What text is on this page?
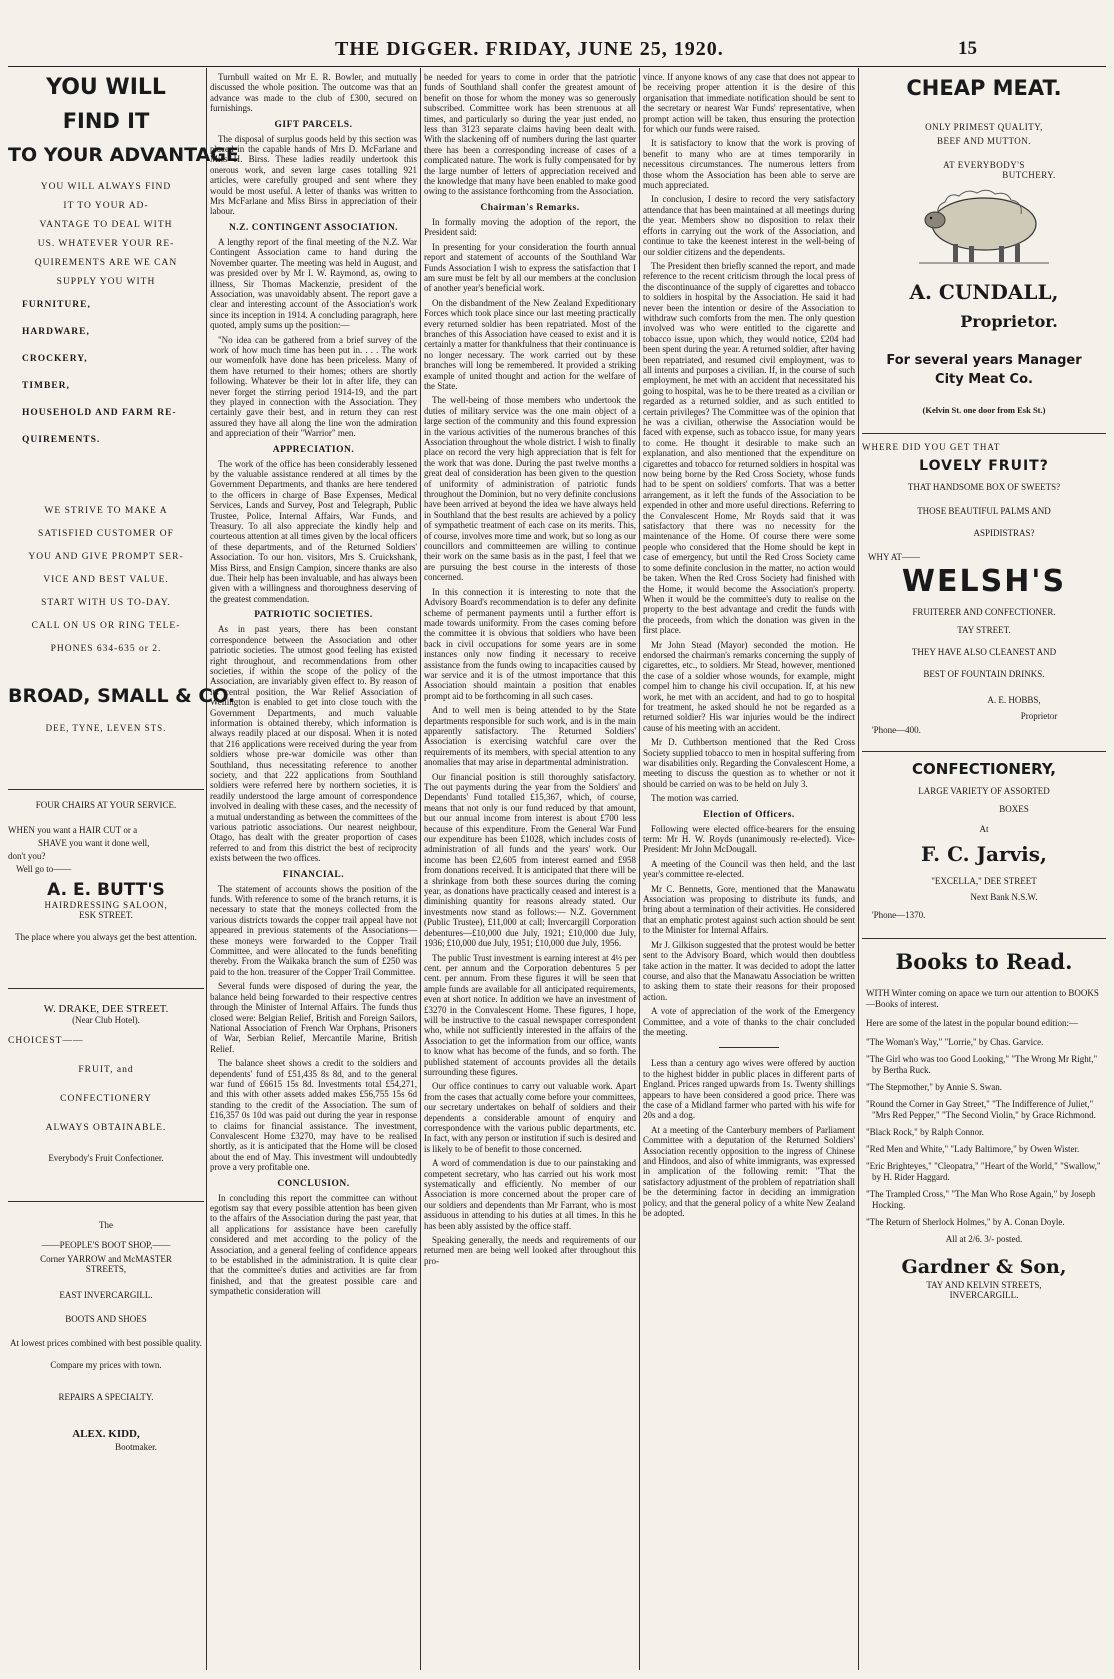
THE DIGGER. FRIDAY, JUNE 25, 1920.	15
YOU WILL
FIND IT
TO YOUR ADVANTAGE
YOU WILL ALWAYS FIND
IT TO YOUR AD-
VANTAGE TO DEAL WITH
US. WHATEVER YOUR RE-
QUIREMENTS ARE WE CAN
SUPPLY YOU WITH
FURNITURE,
HARDWARE,
CROCKERY,
TIMBER,
HOUSEHOLD AND FARM RE-
QUIREMENTS.
WE STRIVE TO MAKE A
SATISFIED CUSTOMER OF
YOU AND GIVE PROMPT SER-
VICE AND BEST VALUE.
START WITH US TO-DAY.
CALL ON US OR RING TELE-
PHONES 634-635 or 2.
BROAD, SMALL & CO.
DEE, TYNE, LEVEN STS.
FOUR CHAIRS AT YOUR SERVICE.
WHEN you want a HAIR CUT or a
SHAVE you want it done well,
don't you?
Well go to——
A. E. BUTT'S
HAIRDRESSING SALOON,
ESK STREET.
The place where you always get the best attention.
W. DRAKE, DEE STREET.
(Near Club Hotel).
CHOICEST——
FRUIT, and
CONFECTIONERY
ALWAYS OBTAINABLE.
Everybody's Fruit Confectioner.
The
——PEOPLE'S BOOT SHOP,——
Corner YARROW and McMASTER
STREETS,
EAST INVERCARGILL.
BOOTS AND SHOES
At lowest prices combined with best possible quality.
Compare my prices with town.
REPAIRS A SPECIALTY.
ALEX. KIDD,
Bootmaker.

Turnbull waited on Mr E. R. Bowler, and mutually discussed the whole position. The outcome was that an advance was made to the club of £300, secured on furnishings.

GIFT PARCELS.

The disposal of surplus goods held by this section was placed in the capable hands of Mrs D. McFarlane and Miss H. Birss. These ladies readily undertook this onerous work, and seven large cases totalling 921 articles, were carefully grouped and sent where they would be most useful. A letter of thanks was written to Mrs McFarlane and Miss Birss in appreciation of their labour.

N.Z. CONTINGENT ASSOCIATION.

A lengthy report of the final meeting of the N.Z. War Contingent Association came to hand during the November quarter. The meeting was held in August, and was presided over by Mr I. W. Raymond, as, owing to illness, Sir Thomas Mackenzie, president of the Association, was unavoidably absent. The report gave a clear and interesting account of the Association's work since its inception in 1914. A concluding paragraph, here quoted, amply sums up the position:—

"No idea can be gathered from a brief survey of the work of how much time has been put in. . . . The work our womenfolk have done has been priceless. Many of them have returned to their homes; others are shortly following. Whatever be their lot in after life, they can never forget the stirring period 1914-19, and the part they played in connection with the Association. They certainly gave their best, and in return they can rest assured they have all along the line won the admiration and appreciation of their "Warrior" men.

APPRECIATION.

The work of the office has been considerably lessened by the valuable assistance rendered at all times by the Government Departments, and thanks are here tendered to the officers in charge of Base Expenses, Medical Services, Lands and Survey, Post and Telegraph, Public Trustee, Police, Internal Affairs, War Funds, and Treasury. To all also appreciate the kindly help and courteous attention at all times given by the local officers of these departments, and of the Returned Soldiers' Association. To our hon. visitors, Mrs S. Cruickshank, Miss Birss, and Ensign Campion, sincere thanks are also due. Their help has been invaluable, and has always been given with a willingness and thoroughness deserving of the greatest commendation.

PATRIOTIC SOCIETIES.

As in past years, there has been constant correspondence between the Association and other patriotic societies. The utmost good feeling has existed right throughout, and recommendations from other societies, if within the scope of the policy of the Association, are invariably given effect to. By reason of its central position, the War Relief Association of Wellington is enabled to get into close touch with the Government Departments, and much valuable information is obtained thereby, which information is always readily placed at our disposal. When it is noted that 216 applications were received during the year from soldiers whose pre-war domicile was other than Southland, thus necessitating reference to another society, and that 222 applications from Southland soldiers were referred here by northern societies, it is readily understood the large amount of correspondence involved in dealing with these cases, and the necessity of a mutual understanding as between the committees of the various patriotic associations. Our nearest neighbour, Otago, has dealt with the greater proportion of cases referred to and from this district the best of reciprocity exists between the two offices.

FINANCIAL.

The statement of accounts shows the position of the funds. With reference to some of the branch returns, it is necessary to state that the moneys collected from the various districts towards the copper trail appeal have not appeared in previous statements of the Associations—these moneys were forwarded to the Copper Trail Committee, and were allocated to the funds benefiting thereby. From the Waikaka branch the sum of £250 was paid to the hon. treasurer of the Copper Trail Committee.

Several funds were disposed of during the year, the balance held being forwarded to their respective centres through the Minister of Internal Affairs. The funds thus closed were: Belgian Relief, British and Foreign Sailors, National Association of French War Orphans, Prisoners of War, Serbian Relief, Mercantile Marine, British Relief.

The balance sheet shows a credit to the soldiers and dependents' fund of £51,435 8s 8d, and to the general war fund of £6615 15s 8d. Investments total £54,271, and this with other assets added makes £56,755 15s 6d standing to the credit of the Association. The sum of £16,357 0s 10d was paid out during the year in response to claims for financial assistance. The investment, Convalescent Home £3270, may have to be realised shortly, as it is anticipated that the Home will be closed about the end of May. This investment will undoubtedly prove a very profitable one.

CONCLUSION.

In concluding this report the committee can without egotism say that every possible attention has been given to the affairs of the Association during the past year, that all applications for assistance have been carefully considered and met according to the policy of the Association, and a general feeling of confidence appears to be established in the administration. It is quite clear that the committee's duties and activities are far from finished, and that the greatest possible care and sympathetic consideration will

be needed for years to come in order that the patriotic funds of Southland shall confer the greatest amount of benefit on those for whom the money was so generously subscribed. Committee work has been strenuous at all times, and particularly so during the year just ended, no less than 3123 separate claims having been dealt with. With the slackening off of numbers during the last quarter there has been a corresponding increase of cases of a complicated nature. The work is fully compensated for by the large number of letters of appreciation received and the knowledge that many have been enabled to make good owing to the assistance forthcoming from the Association.

Chairman's Remarks.

In formally moving the adoption of the report, the President said:

In presenting for your consideration the fourth annual report and statement of accounts of the Southland War Funds Association I wish to express the satisfaction that I am sure must be felt by all our members at the conclusion of another year's beneficial work.

On the disbandment of the New Zealand Expeditionary Forces which took place since our last meeting practically every returned soldier has been repatriated. Most of the branches of this Association have ceased to exist and it is certainly a matter for thankfulness that their continuance is no longer necessary. The work carried out by these branches will long be remembered. It provided a striking example of united thought and action for the welfare of the State.

The well-being of those members who undertook the duties of military service was the one main object of a large section of the community and this found expression in the various activities of the numerous branches of this Association throughout the whole district. I wish to finally place on record the very high appreciation that is felt for the work that was done. During the past twelve months a great deal of consideration has been given to the question of uniformity of administration of patriotic funds throughout the Dominion, but no very definite conclusions have been arrived at beyond the idea we have always held in Southland that the best results are achieved by a policy of sympathetic treatment of each case on its merits. This, of course, involves more time and work, but so long as our councillors and committeemen are willing to continue their work on the same basis as in the past, I feel that we are pursuing the best course in the interests of those concerned.

In this connection it is interesting to note that the Advisory Board's recommendation is to defer any definite scheme of permanent payments until a further effort is made towards uniformity. From the cases coming before the committee it is obvious that soldiers who have been back in civil occupations for some years are in some instances only now finding it necessary to receive assistance from the funds owing to incapacities caused by war service and it is of the utmost importance that this Association should maintain a position that enables prompt aid to be forthcoming in all such cases.

And to well men is being attended to by the State departments responsible for such work, and is in the main apparently satisfactory. The Returned Soldiers' Association is exercising watchful care over the requirements of its members, with special attention to any anomalies that may arise in departmental administration.

Our financial position is still thoroughly satisfactory. The out payments during the year from the Soldiers' and Dependants' Fund totalled £15,367, which, of course, means that not only is our fund reduced by that amount, but our annual income from interest is about £700 less because of this expenditure. From the General War Fund our expenditure has been £1028, which includes costs of administration of all funds and the years' work. Our income has been £2,605 from interest earned and £958 from donations received. It is anticipated that there will be a shrinkage from both these sources during the coming year, as donations have practically ceased and interest is a diminishing quantity for reasons already stated. Our investments now stand as follows:— N.Z. Government (Public Trustee), £11,000 at call; Invercargill Corporation debentures—£10,000 due July, 1921; £10,000 due July, 1936; £10,000 due July, 1951; £10,000 due July, 1956.

The public Trust investment is earning interest at 4½ per cent. per annum and the Corporation debentures 5 per cent. per annum. From these figures it will be seen that ample funds are available for all anticipated requirements, even at short notice. In addition we have an investment of £3270 in the Convalescent Home. These figures, I hope, will be instructive to the casual newspaper correspondent who, while not sufficiently interested in the affairs of the Association to get the information from our office, wants to know what has become of the funds, and so forth. The published statement of accounts provides all the details surrounding these figures.

Our office continues to carry out valuable work. Apart from the cases that actually come before your committees, our secretary undertakes on behalf of soldiers and their dependents a considerable amount of enquiry and correspondence with the various public departments, etc. In fact, with any person or institution if such is desired and is likely to be of benefit to those concerned.

A word of commendation is due to our painstaking and competent secretary, who has carried out his work most systematically and efficiently. No member of our Association is more concerned about the proper care of our soldiers and dependents than Mr Farrant, who is most assiduous in attending to his duties at all times. In this he has been ably assisted by the office staff.

Speaking generally, the needs and requirements of our returned men are being well looked after throughout this pro-

vince. If anyone knows of any case that does not appear to be receiving proper attention it is the desire of this organisation that immediate notification should be sent to the secretary or nearest War Funds' representative, when prompt action will be taken, thus ensuring the protection for which our funds were raised.

It is satisfactory to know that the work is proving of benefit to many who are at times temporarily in necessitous circumstances. The numerous letters from those whom the Association has been able to serve are much appreciated.

In conclusion, I desire to record the very satisfactory attendance that has been maintained at all meetings during the year. Members show no disposition to relax their efforts in carrying out the work of the Association, and continue to take the keenest interest in the well-being of our soldier citizens and the dependents.

The President then briefly scanned the report, and made reference to the recent criticism through the local press of the discontinuance of the supply of cigarettes and tobacco to soldiers in hospital by the Association. He said it had never been the intention or desire of the Association to withdraw such comforts from the men. The only question involved was who were entitled to the cigarette and tobacco issue, upon which, they would notice, £204 had been spent during the year. A returned soldier, after having been repatriated, and resumed civil employment, was to all intents and purposes a civilian. If, in the course of such employment, he met with an accident that necessitated his going to hospital, was he to be there treated as a civilian or regarded as a returned soldier, and as such entitled to certain privileges? The Committee was of the opinion that he was a civilian, otherwise the Association would be faced with expense, such as tobacco issue, for many years to come. He thought it desirable to make such an explanation, and also mentioned that the expenditure on cigarettes and tobacco for returned soldiers in hospital was now being borne by the Red Cross Society, whose funds had to be spent on soldiers' comforts. That was a better arrangement, as it left the funds of the Association to be expended in other and more useful directions. Referring to the Convalescent Home, Mr Royds said that it was satisfactory that there was no necessity for the maintenance of the Home. Of course there were some people who considered that the Home should be kept in case of emergency, but until the Red Cross Society came to some definite conclusion in the matter, no action would be taken. When the Red Cross Society had finished with the Home, it would become the Association's property. When it would be the committee's duty to realise on the property to the best advantage and credit the funds with the proceeds, from which the donation was given in the first place.

Mr John Stead (Mayor) seconded the motion. He endorsed the chairman's remarks concerning the supply of cigarettes, etc., to soldiers. Mr Stead, however, mentioned the case of a soldier whose wounds, for example, might compel him to change his civil occupation. If, at his new work, he met with an accident, and had to go to hospital for treatment, he asked should he not be regarded as a returned soldier? His war injuries would be the indirect cause of his meeting with an accident.

Mr D. Cuthbertson mentioned that the Red Cross Society supplied tobacco to men in hospital suffering from war disabilities only. Regarding the Convalescent Home, a meeting to discuss the question as to whether or not it should be carried on was to be held on July 3.

The motion was carried.

Election of Officers.

Following were elected office-bearers for the ensuing term: Mr H. W. Royds (unanimously re-elected). Vice-President: Mr John McDougall.

A meeting of the Council was then held, and the last year's committee re-elected.

Mr C. Bennetts, Gore, mentioned that the Manawatu Association was proposing to distribute its funds, and bring about a termination of their activities. He considered that an emphatic protest against such action should be sent to the Minister for Internal Affairs.

Mr J. Gilkison suggested that the protest would be better sent to the Advisory Board, which would then doubtless take action in the matter. It was decided to adopt the latter course, and also that the Manawatu Association be written to asking them to state their reasons for their proposed action.

A vote of appreciation of the work of the Emergency Committee, and a vote of thanks to the chair concluded the meeting.

Less than a century ago wives were offered by auction to the highest bidder in public places in different parts of England. Prices ranged upwards from 1s. Twenty shillings appears to have been considered a good price. There was the case of a Midland farmer who parted with his wife for 20s and a dog.

At a meeting of the Canterbury members of Parliament Committee with a deputation of the Returned Soldiers' Association recently opposition to the ingress of Chinese and Hindoos, and also of white immigrants, was expressed in amplication of the following remit: "That the satisfactory adjustment of the problem of repatriation shall be the determining factor in deciding an immigration policy, and that the general policy of a white New Zealand be adopted.

CHEAP MEAT.
ONLY PRIMEST QUALITY,
BEEF AND MUTTON.
AT EVERYBODY'S
BUTCHERY.
A. CUNDALL,
Proprietor.
For several years Manager
City Meat Co.
(Kelvin St. one door from Esk St.)
WHERE DID YOU GET THAT
LOVELY FRUIT?
THAT HANDSOME BOX OF SWEETS?
THOSE BEAUTIFUL PALMS AND
ASPIDISTRAS?
WHY AT——
WELSH'S
FRUITERER AND CONFECTIONER.
TAY STREET.
THEY HAVE ALSO CLEANEST AND
BEST OF FOUNTAIN DRINKS.
A. E. HOBBS,
Proprietor
'Phone—400.
CONFECTIONERY,
LARGE VARIETY OF ASSORTED
BOXES
At
F. C. Jarvis,
"EXCELLA," DEE STREET
Next Bank N.S.W.
'Phone—1370.
Books to Read.
WITH Winter coming on apace we turn our attention to BOOKS—Books of interest.
Here are some of the latest in the popular bound edition:—
"The Woman's Way," "Lorrie," by Chas. Garvice.
"The Girl who was too Good Looking," "The Wrong Mr Right," by Bertha Ruck.
"The Stepmother," by Annie S. Swan.
"Round the Corner in Gay Street," "The Indifference of Juliet," "Mrs Red Pepper," "The Second Violin," by Grace Richmond.
"Black Rock," by Ralph Connor.
"Red Men and White," "Lady Baltimore," by Owen Wister.
"Eric Brighteyes," "Cleopatra," "Heart of the World," "Swallow," by H. Rider Haggard.
"The Trampled Cross," "The Man Who Rose Again," by Joseph Hocking.
"The Return of Sherlock Holmes," by A. Conan Doyle.
All at 2/6. 3/- posted.
Gardner & Son,
TAY AND KELVIN STREETS,
INVERCARGILL.
